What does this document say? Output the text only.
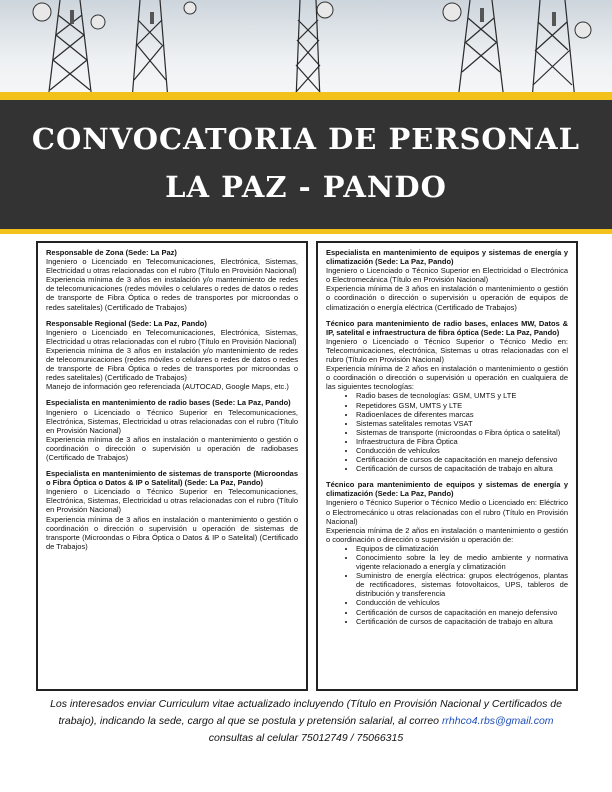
CONVOCATORIA DE PERSONAL
LA PAZ - PANDO
Responsable de Zona (Sede: La Paz)
Ingeniero o Licenciado en Telecomunicaciones, Electrónica, Sistemas, Electricidad u otras relacionadas con el rubro (Título en Provisión Nacional)
Experiencia mínima de 3 años en instalación y/o mantenimiento de redes de telecomunicaciones (redes móviles o celulares o redes de datos o redes de transporte de Fibra Óptica o redes de transportes por microondas o redes satelitales) (Certificado de Trabajos)
Responsable Regional (Sede: La Paz, Pando)
Ingeniero o Licenciado en Telecomunicaciones, Electrónica, Sistemas, Electricidad u otras relacionadas con el rubro (Título en Provisión Nacional)
Experiencia mínima de 3 años en instalación y/o mantenimiento de redes de telecomunicaciones (redes móviles o celulares o redes de datos o redes de transporte de Fibra Óptica o redes de transportes por microondas o redes satelitales) (Certificado de Trabajos)
Manejo de información geo referenciada (AUTOCAD, Google Maps, etc.)
Especialista en mantenimiento de radio bases (Sede: La Paz, Pando)
Ingeniero o Licenciado o Técnico Superior en Telecomunicaciones, Electrónica, Sistemas, Electricidad u otras relacionadas con el rubro (Título en Provisión Nacional)
Experiencia mínima de 3 años en instalación o mantenimiento o gestión o coordinación o dirección o supervisión u operación de radiobases (Certificado de Trabajos)
Especialista en mantenimiento de sistemas de transporte (Microondas o Fibra Óptica o Datos & IP o Satelital) (Sede: La Paz, Pando)
Ingeniero o Licenciado o Técnico Superior en Telecomunicaciones, Electrónica, Sistemas, Electricidad u otras relacionadas con el rubro (Título en Provisión Nacional)
Experiencia mínima de 3 años en instalación o mantenimiento o gestión o coordinación o dirección o supervisión u operación de sistemas de transporte (Microondas o Fibra Óptica o Datos & IP o Satelital) (Certificado de Trabajos)
Especialista en mantenimiento de equipos y sistemas de energía y climatización (Sede: La Paz, Pando)
Ingeniero o Licenciado o Técnico Superior en Electricidad o Electrónica o Electromecánica (Título en Provisión Nacional)
Experiencia mínima de 3 años en instalación o mantenimiento o gestión o coordinación o dirección o supervisión u operación de equipos de climatización o energía eléctrica (Certificado de Trabajos)
Técnico para mantenimiento de radio bases, enlaces MW, Datos & IP, satelital e infraestructura de fibra óptica (Sede: La Paz, Pando)
Ingeniero o Licenciado o Técnico Superior o Técnico Medio en: Telecomunicaciones, electrónica, Sistemas u otras relacionadas con el rubro (Título en Provisión Nacional)
Experiencia mínima de 2 años en instalación o mantenimiento o gestión o coordinación o dirección o supervisión u operación en cualquiera de las siguientes tecnologías:
• Radio bases de tecnologías: GSM, UMTS y LTE
• Repetidores GSM, UMTS y LTE
• Radioenlaces de diferentes marcas
• Sistemas satelitales remotas VSAT
• Sistemas de transporte (microondas o Fibra óptica o satelital)
• Infraestructura de Fibra Óptica
• Conducción de vehículos
• Certificación de cursos de capacitación en manejo defensivo
• Certificación de cursos de capacitación de trabajo en altura
Técnico para mantenimiento de equipos y sistemas de energía y climatización (Sede: La Paz, Pando)
Ingeniero o Técnico Superior o Técnico Medio o Licenciado en: Eléctrico o Electromecánico u otras relacionadas con el rubro (Título en Provisión Nacional)
Experiencia mínima de 2 años en instalación o mantenimiento o gestión o coordinación o dirección o supervisión u operación de:
• Equipos de climatización
• Conocimiento sobre la ley de medio ambiente y normativa vigente relacionado a energía y climatización
• Suministro de energía eléctrica: grupos electrógenos, plantas de rectificadores, sistemas fotovoltaicos, UPS, tableros de distribución y transferencia
• Conducción de vehículos
• Certificación de cursos de capacitación en manejo defensivo
• Certificación de cursos de capacitación de trabajo en altura
Los interesados enviar Curriculum vitae actualizado incluyendo (Título en Provisión Nacional y Certificados de trabajo), indicando la sede, cargo al que se postula y pretensión salarial, al correo rrhhco4.rbs@gmail.com
consultas al celular 75012749 / 75066315
